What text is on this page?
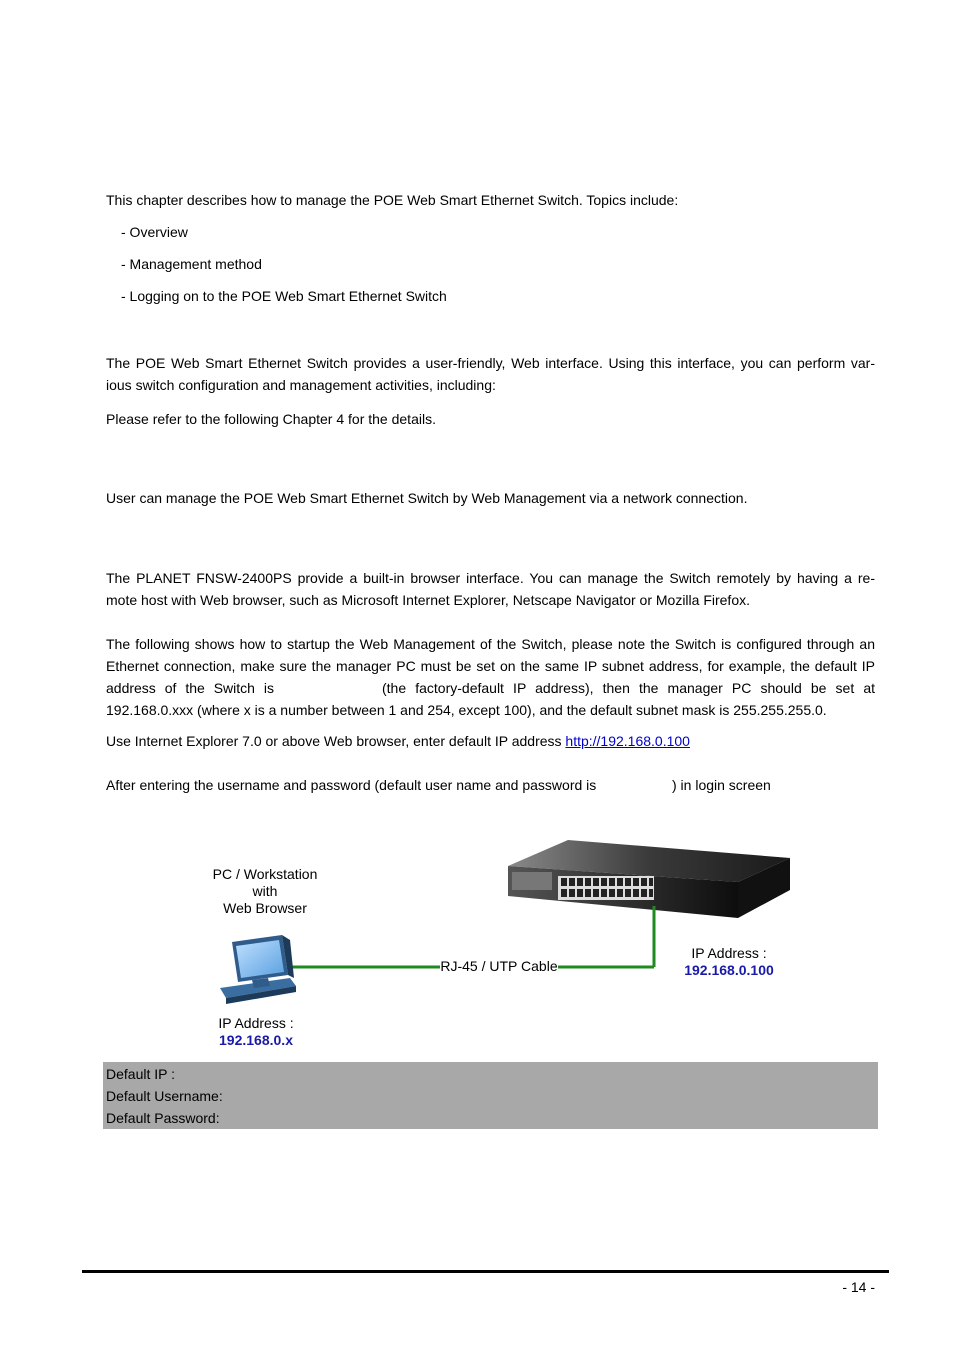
This chapter describes how to manage the POE Web Smart Ethernet Switch. Topics include:
- Overview
- Management method
- Logging on to the POE Web Smart Ethernet Switch
The POE Web Smart Ethernet Switch provides a user-friendly, Web interface. Using this interface, you can perform var-
ious switch configuration and management activities, including:
Please refer to the following Chapter 4 for the details.
User can manage the POE Web Smart Ethernet Switch by Web Management via a network connection.
The PLANET FNSW-2400PS provide a built-in browser interface. You can manage the Switch remotely by having a re-
mote host with Web browser, such as Microsoft Internet Explorer, Netscape Navigator or Mozilla Firefox.
The following shows how to startup the Web Management of the Switch, please note the Switch is configured through an
Ethernet connection, make sure the manager PC must be set on the same IP subnet address, for example, the default IP
address of the Switch is	(the factory-default IP address), then the manager PC should be set at
192.168.0.xxx (where x is a number between 1 and 254, except 100), and the default subnet mask is 255.255.255.0.
Use Internet Explorer 7.0 or above Web browser, enter default IP address http://192.168.0.100
After entering the username and password (default user name and password is	) in login screen
PC / Workstation
with
Web Browser
RJ-45 / UTP Cable
IP Address :
192.168.0.100
IP Address :
192.168.0.x
Default IP :
Default Username:
Default Password:
- 14 -
